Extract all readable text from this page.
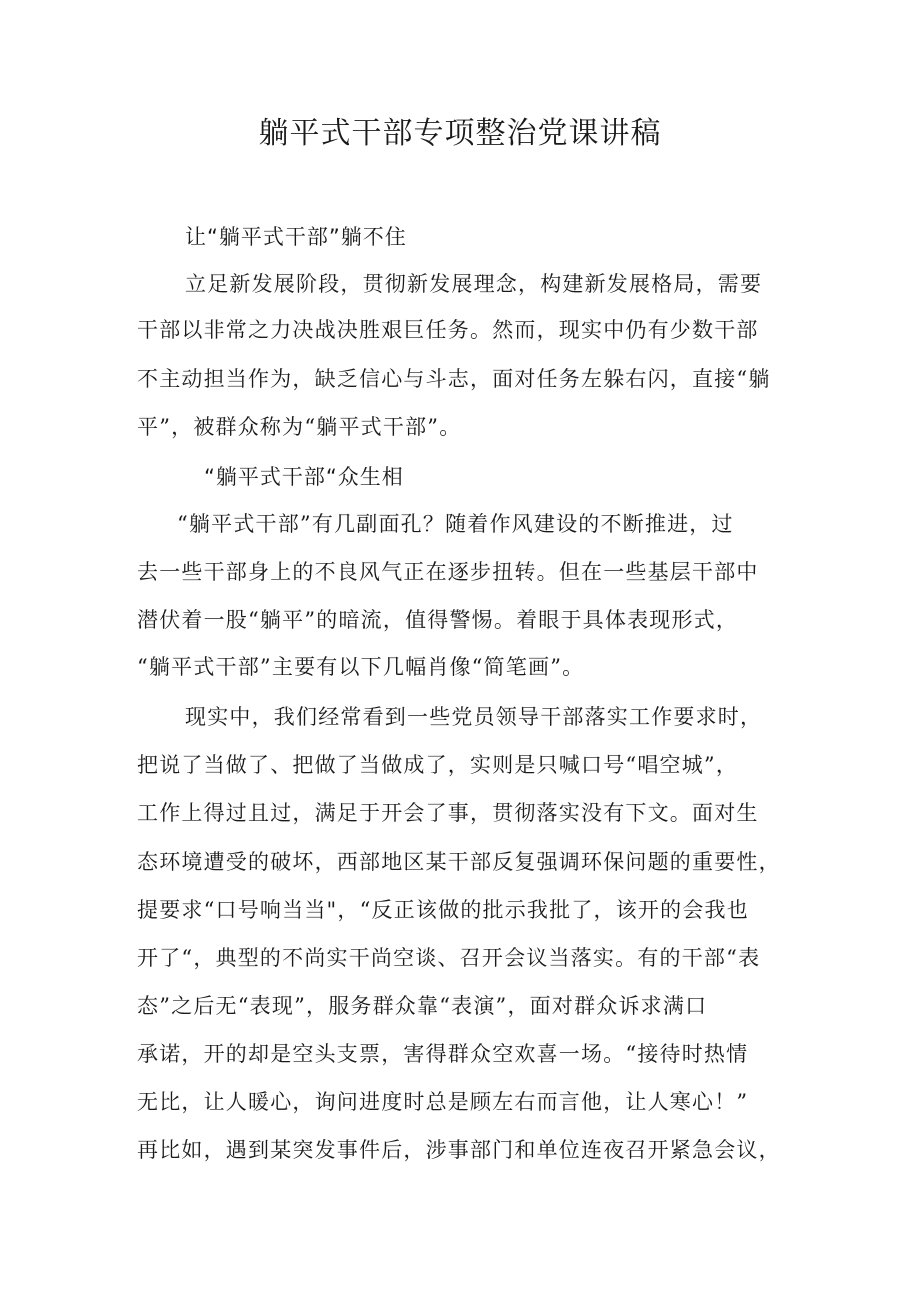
躺平式干部专项整治党课讲稿
让“躺平式干部”躺不住
立足新发展阶段，贯彻新发展理念，构建新发展格局，需要
干部以非常之力决战决胜艰巨任务。然而，现实中仍有少数干部
不主动担当作为，缺乏信心与斗志，面对任务左躲右闪，直接“躺
平”，被群众称为“躺平式干部”。
“躺平式干部“众生相
“躺平式干部”有几副面孔？随着作风建设的不断推进，过
去一些干部身上的不良风气正在逐步扭转。但在一些基层干部中
潜伏着一股“躺平”的暗流，值得警惕。着眼于具体表现形式，
“躺平式干部”主要有以下几幅肖像“简笔画”。
现实中，我们经常看到一些党员领导干部落实工作要求时，
把说了当做了、把做了当做成了，实则是只喊口号“唱空城”，
工作上得过且过，满足于开会了事，贯彻落实没有下文。面对生
态环境遭受的破坏，西部地区某干部反复强调环保问题的重要性，
提要求“口号响当当"，“反正该做的批示我批了，该开的会我也
开了“，典型的不尚实干尚空谈、召开会议当落实。有的干部“表
态”之后无“表现”，服务群众靠“表演”，面对群众诉求满口
承诺，开的却是空头支票，害得群众空欢喜一场。“接待时热情
无比，让人暖心，询问进度时总是顾左右而言他，让人寒心！”
再比如，遇到某突发事件后，涉事部门和单位连夜召开紧急会议，
